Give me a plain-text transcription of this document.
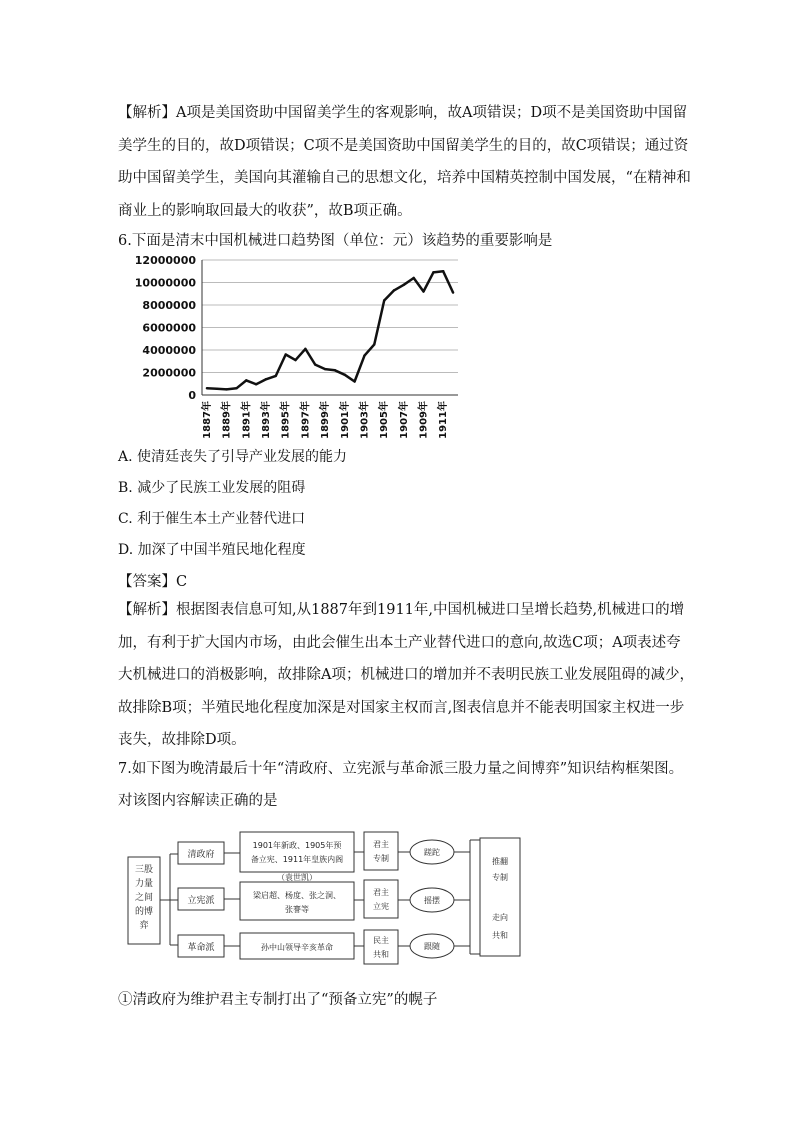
【解析】A项是美国资助中国留美学生的客观影响，故A项错误；D项不是美国资助中国留
美学生的目的，故D项错误；C项不是美国资助中国留美学生的目的，故C项错误；通过资
助中国留美学生，美国向其灌输自己的思想文化，培养中国精英控制中国发展，“在精神和
商业上的影响取回最大的收获”，故B项正确。
6.下面是清末中国机械进口趋势图（单位：元）该趋势的重要影响是
0
2000000
4000000
6000000
8000000
10000000
12000000
1887年 1889年 1891年 1893年 1895年 1897年 1899年 1901年 1903年 1905年 1907年 1909年 1911年
A. 使清廷丧失了引导产业发展的能力
B. 减少了民族工业发展的阻碍
C. 利于催生本土产业替代进口
D. 加深了中国半殖民地化程度
【答案】C
【解析】根据图表信息可知,从1887年到1911年,中国机械进口呈增长趋势,机械进口的增
加，有利于扩大国内市场，由此会催生出本土产业替代进口的意向,故选C项；A项表述夸
大机械进口的消极影响，故排除A项；机械进口的增加并不表明民族工业发展阻碍的减少，
故排除B项；半殖民地化程度加深是对国家主权而言,图表信息并不能表明国家主权进一步
丧失，故排除D项。
7.如下图为晚清最后十年“清政府、立宪派与革命派三股力量之间博弈”知识结构框架图。
对该图内容解读正确的是
三股
力量
之间
的博
弈
清政府
立宪派
革命派
1901年新政、1905年预
备立宪、1911年皇族内阁
（袁世凯）
梁启超、杨度、张之洞、
张謇等
孙中山领导辛亥革命
君主
专制
君主
立宪
民主
共和
蹉跎
摇摆
跟随
推翻
专制
走向
共和
①清政府为维护君主专制打出了“预备立宪”的幌子
